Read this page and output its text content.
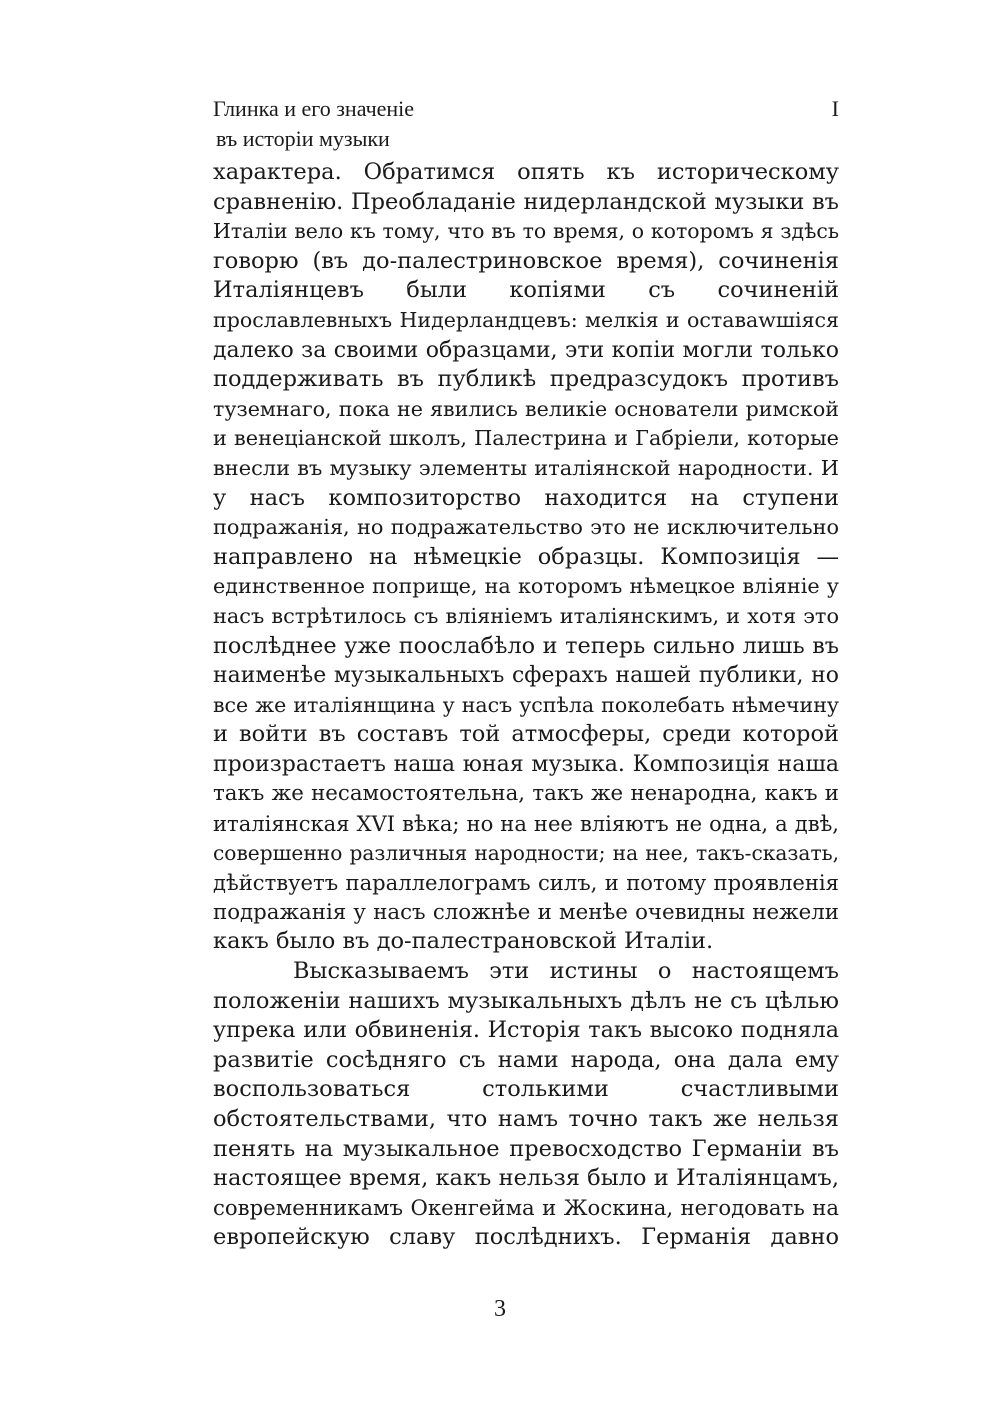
Глинка и его значеніе
въ исторіи музыки
I
характера. Обратимся опять къ историческому
сравненію. Преобладаніе нидерландской музыки въ
Италіи вело къ тому, что въ то время, о которомъ я здѣсь
говорю (въ до-палестриновское время), сочиненія
Италіянцевъ были копіями съ сочиненій
прославлевныхъ Нидерландцевъ: мелкія и оставawшіяся
далеко за своими образцами, эти копіи могли только
поддерживать въ публикѣ предразсудокъ противъ
туземнаго, пока не явились великіе основатели римской
и венеціанской школъ, Палестрина и Габріели, которые
внесли въ музыку элементы италіянской народности. И
у насъ композиторство находится на ступени
подражанія, но подражательство это не исключительно
направлено на нѣмецкіе образцы. Композиція —
единственное поприще, на которомъ нѣмецкое вліяніе у
насъ встрѣтилось съ вліяніемъ италіянскимъ, и хотя это
послѣднее уже поослабѣло и теперь сильно лишь въ
наименѣе музыкальныхъ сферахъ нашей публики, но
все же италіянщина у насъ успѣла поколебать нѣмечину
и войти въ составъ той атмосферы, среди которой
произрастаетъ наша юная музыка. Композиція наша
такъ же несамостоятельна, такъ же ненародна, какъ и
италіянская XVI вѣка; но на нее вліяютъ не одна, а двѣ,
совершенно различныя народности; на нее, такъ-сказать,
дѣйствуетъ параллелограмъ силъ, и потому проявленія
подражанія у насъ сложнѣе и менѣе очевидны нежели
какъ было въ до-палестрановской Италіи.
Высказываемъ эти истины о настоящемъ
положеніи нашихъ музыкальныхъ дѣлъ не съ цѣлью
упрека или обвиненія. Исторія такъ высоко подняла
развитіе сосѣдняго съ нами народа, она дала ему
воспользоваться столькими счастливыми
обстоятельствами, что намъ точно такъ же нельзя
пенять на музыкальное превосходство Германіи въ
настоящее время, какъ нельзя было и Италіянцамъ,
современникамъ Окенгейма и Жоскина, негодовать на
европейскую славу послѣднихъ. Германія давно
3
